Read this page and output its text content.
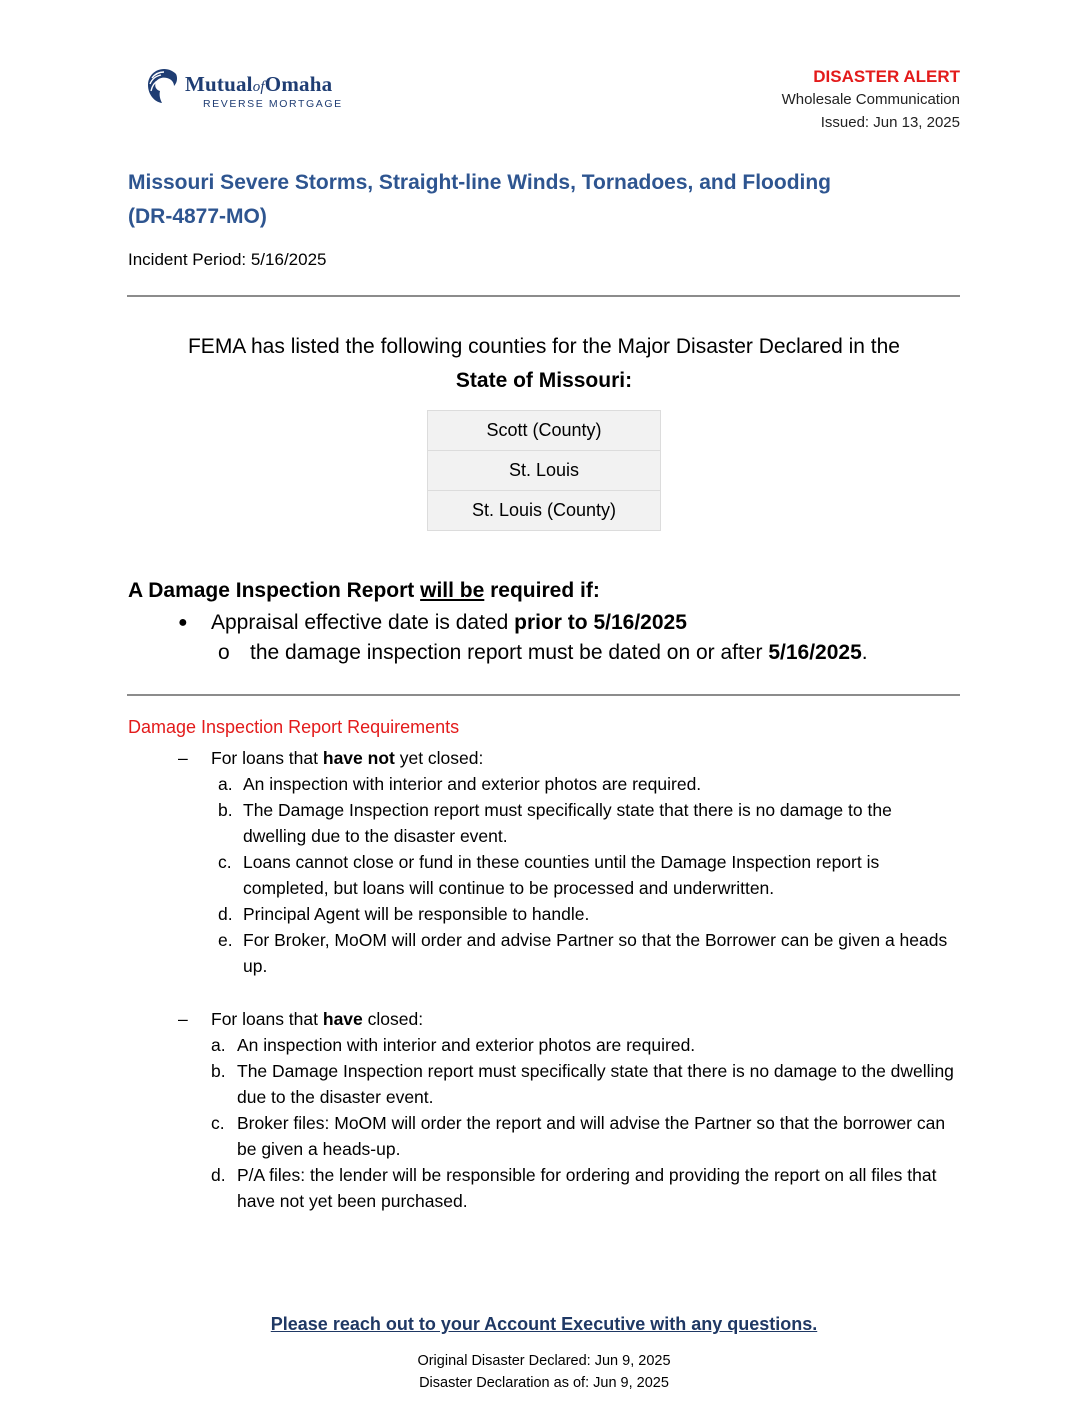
MutualofOmaha
REVERSE MORTGAGE
DISASTER ALERT
Wholesale Communication
Issued: Jun 13, 2025
Missouri Severe Storms, Straight-line Winds, Tornadoes, and Flooding
(DR-4877-MO)
Incident Period: 5/16/2025
FEMA has listed the following counties for the Major Disaster Declared in the
State of Missouri:
Scott (County)
St. Louis
St. Louis (County)
A Damage Inspection Report will be required if:
● Appraisal effective date is dated prior to 5/16/2025
o the damage inspection report must be dated on or after 5/16/2025.
Damage Inspection Report Requirements
– For loans that have not yet closed:
a. An inspection with interior and exterior photos are required.
b. The Damage Inspection report must specifically state that there is no damage to the dwelling due to the disaster event.
c. Loans cannot close or fund in these counties until the Damage Inspection report is completed, but loans will continue to be processed and underwritten.
d. Principal Agent will be responsible to handle.
e. For Broker, MoOM will order and advise Partner so that the Borrower can be given a heads up.
– For loans that have closed:
a. An inspection with interior and exterior photos are required.
b. The Damage Inspection report must specifically state that there is no damage to the dwelling due to the disaster event.
c. Broker files: MoOM will order the report and will advise the Partner so that the borrower can be given a heads-up.
d. P/A files: the lender will be responsible for ordering and providing the report on all files that have not yet been purchased.
Please reach out to your Account Executive with any questions.
Original Disaster Declared: Jun 9, 2025
Disaster Declaration as of: Jun 9, 2025
